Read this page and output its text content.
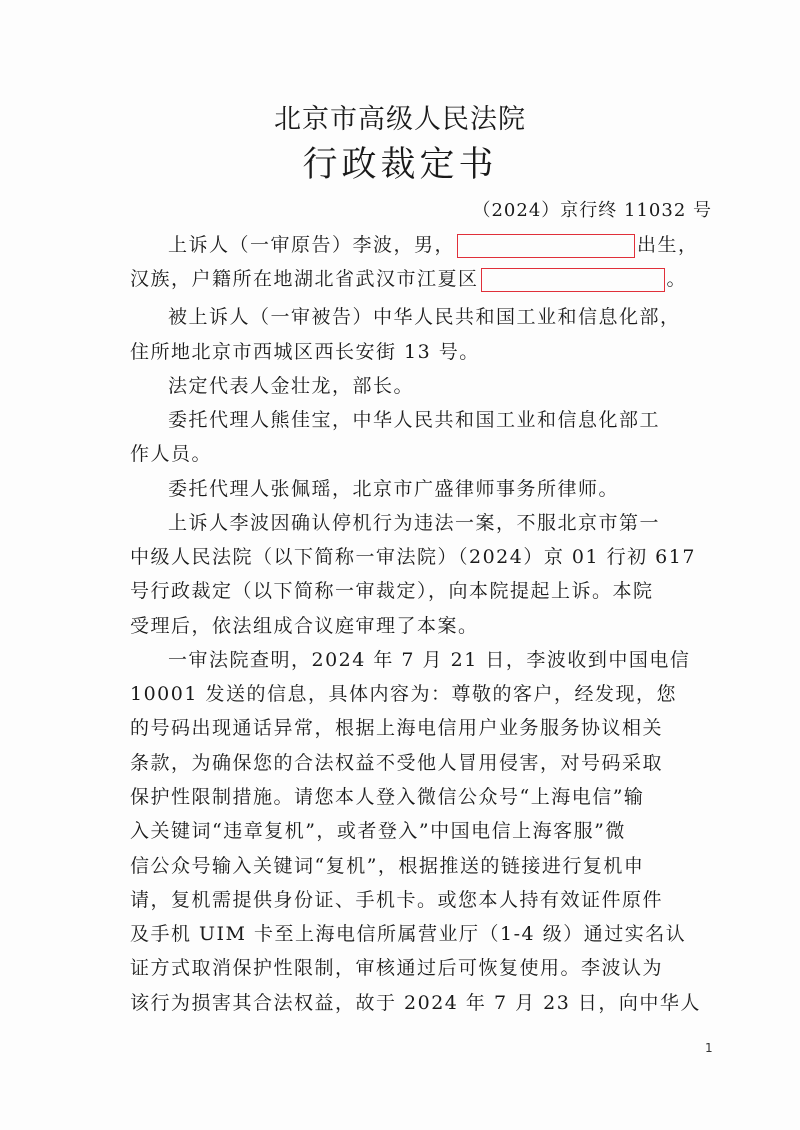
北京市高级人民法院
行政裁定书
（2024）京行终 11032 号
上诉人（一审原告）李波，男，	出生，
汉族，户籍所在地湖北省武汉市江夏区	。
被上诉人（一审被告）中华人民共和国工业和信息化部，
住所地北京市西城区西长安街 13 号。
法定代表人金壮龙，部长。
委托代理人熊佳宝，中华人民共和国工业和信息化部工
作人员。
委托代理人张佩瑶，北京市广盛律师事务所律师。
上诉人李波因确认停机行为违法一案，不服北京市第一
中级人民法院（以下简称一审法院）（2024）京 01 行初 617
号行政裁定（以下简称一审裁定），向本院提起上诉。本院
受理后，依法组成合议庭审理了本案。
一审法院查明，2024 年 7 月 21 日，李波收到中国电信
10001 发送的信息，具体内容为：尊敬的客户，经发现，您
的号码出现通话异常，根据上海电信用户业务服务协议相关
条款，为确保您的合法权益不受他人冒用侵害，对号码采取
保护性限制措施。请您本人登入微信公众号“上海电信”输
入关键词“违章复机”，或者登入”中国电信上海客服”微
信公众号输入关键词“复机”，根据推送的链接进行复机申
请，复机需提供身份证、手机卡。或您本人持有效证件原件
及手机 UIM 卡至上海电信所属营业厅（1-4 级）通过实名认
证方式取消保护性限制，审核通过后可恢复使用。李波认为
该行为损害其合法权益，故于 2024 年 7 月 23 日，向中华人
1
